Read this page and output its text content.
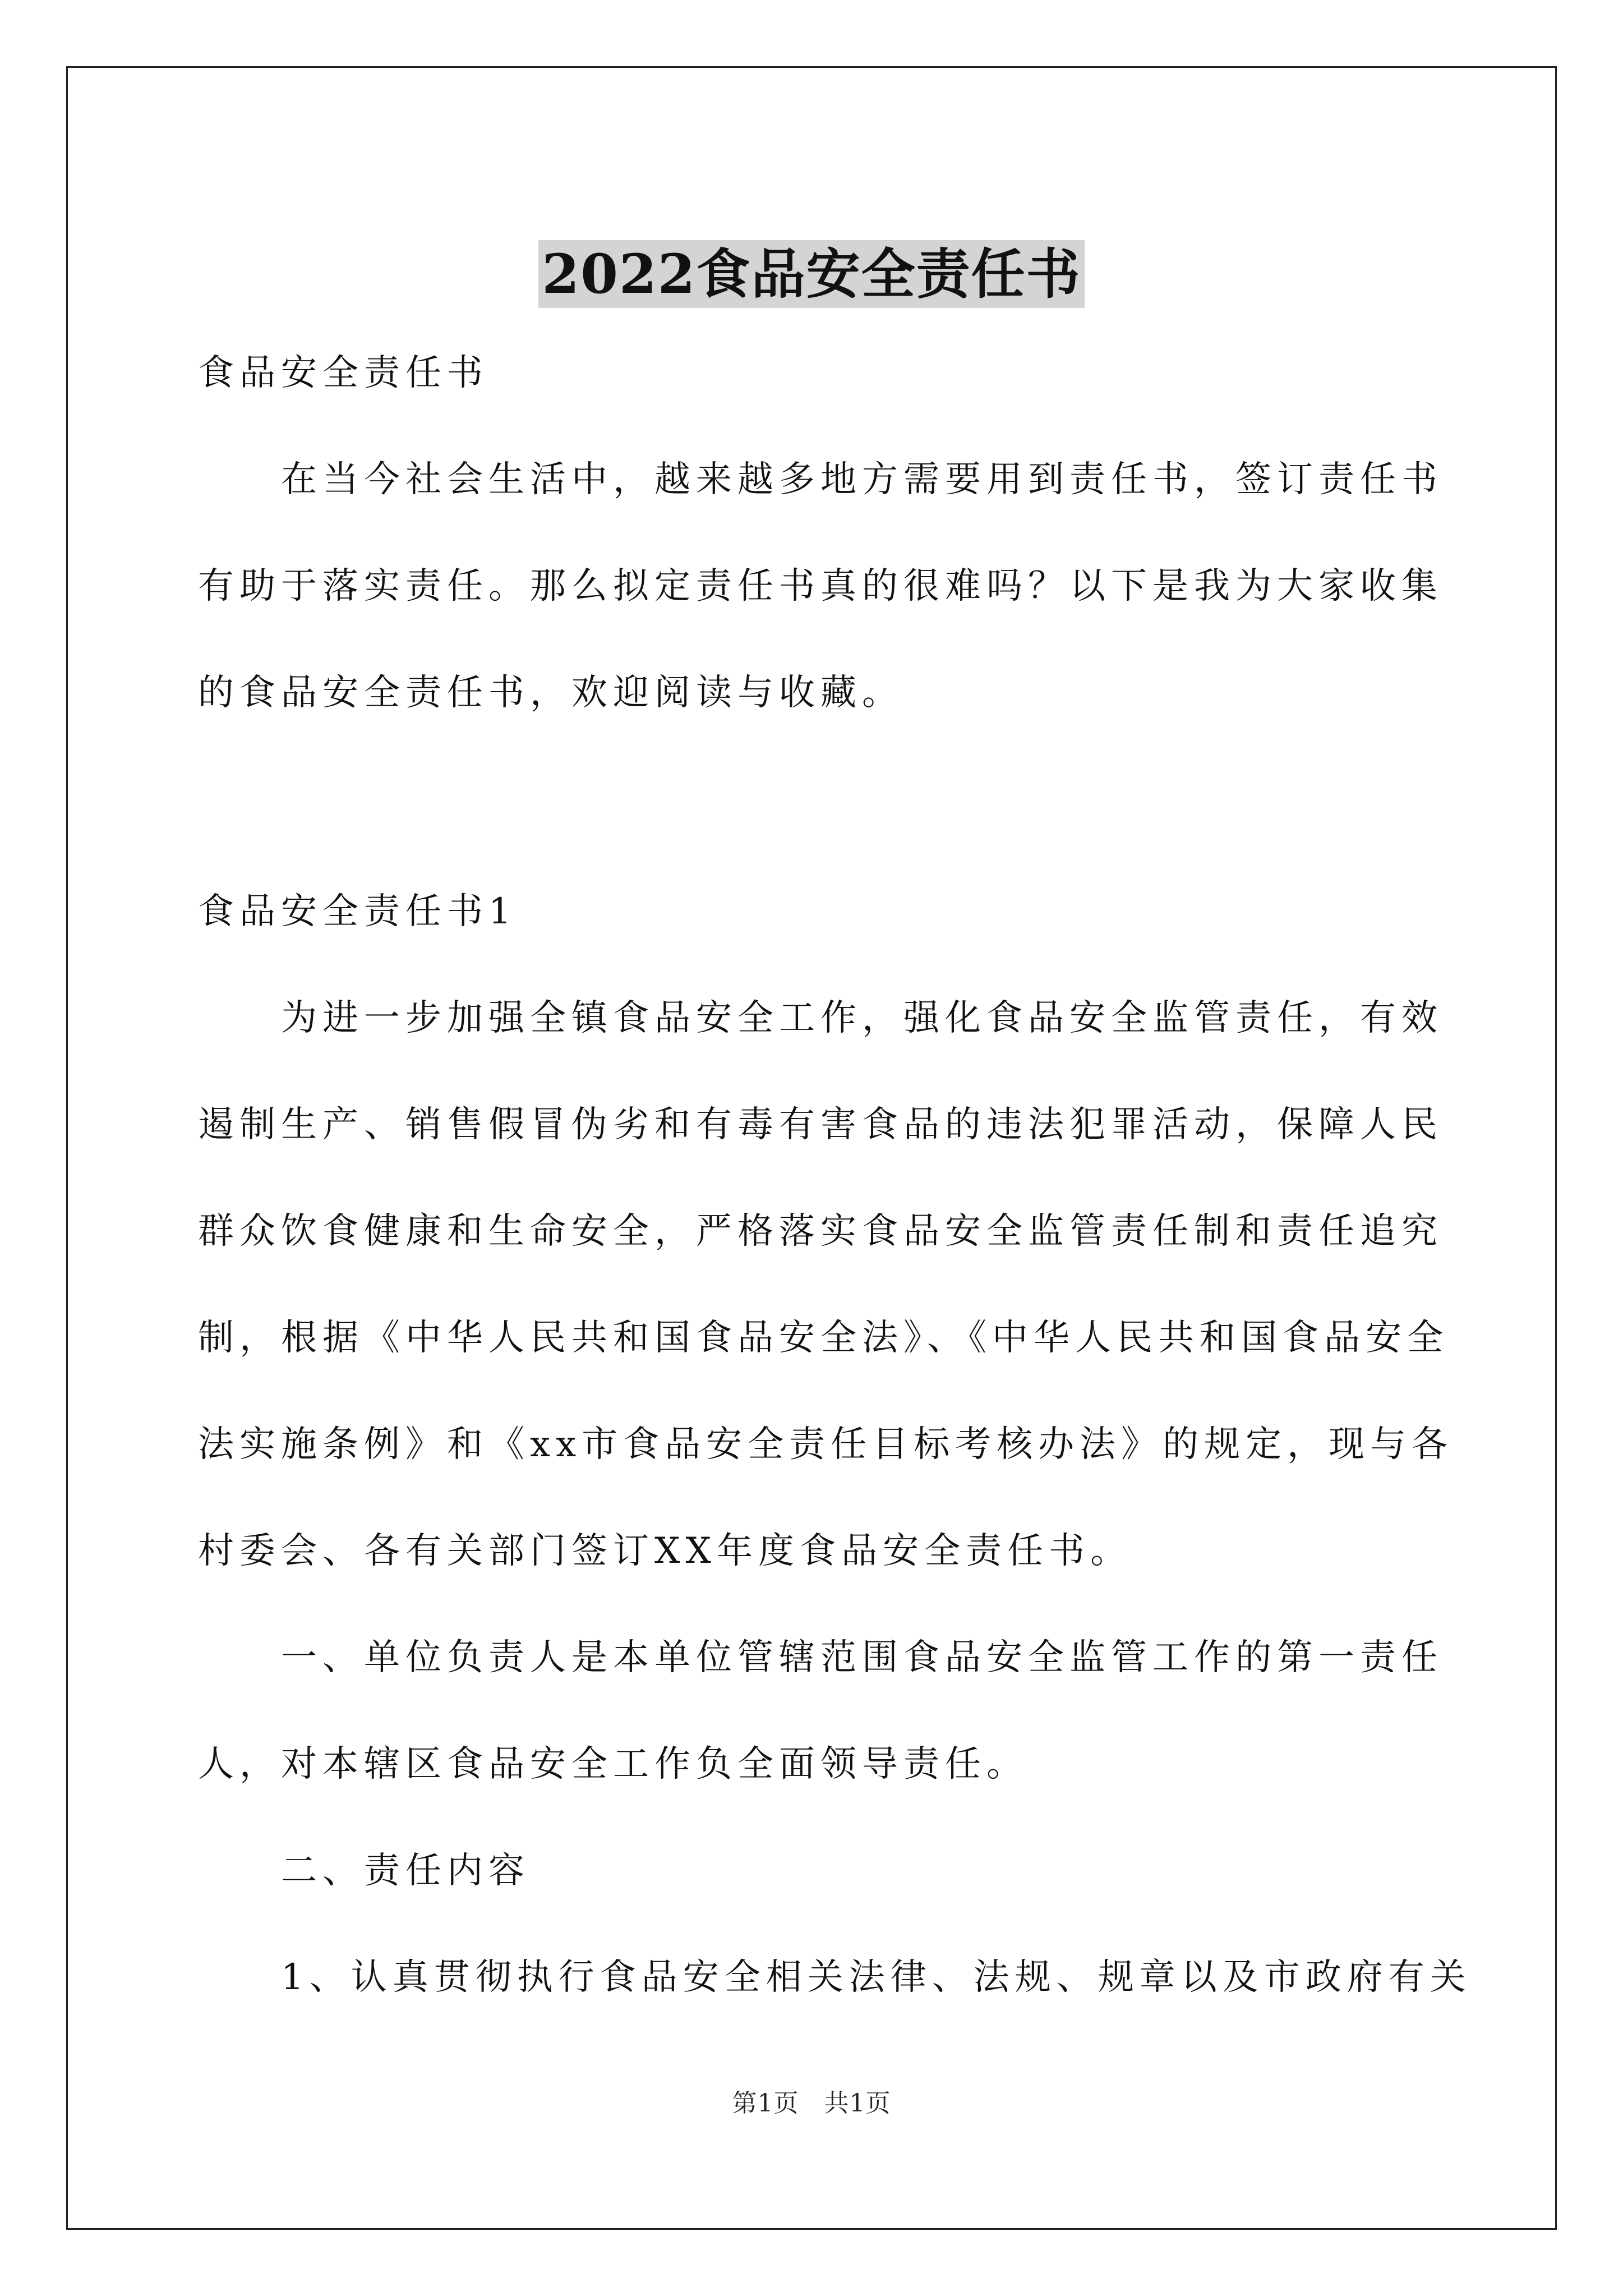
2022食品安全责任书

食品安全责任书

在当今社会生活中，越来越多地方需要用到责任书，签订责任书

有助于落实责任。那么拟定责任书真的很难吗？以下是我为大家收集

的食品安全责任书，欢迎阅读与收藏。

食品安全责任书1

为进一步加强全镇食品安全工作，强化食品安全监管责任，有效

遏制生产、销售假冒伪劣和有毒有害食品的违法犯罪活动，保障人民

群众饮食健康和生命安全，严格落实食品安全监管责任制和责任追究

制，根据《中华人民共和国食品安全法》、《中华人民共和国食品安全

法实施条例》和《xx市食品安全责任目标考核办法》的规定，现与各

村委会、各有关部门签订XX年度食品安全责任书。

一、单位负责人是本单位管辖范围食品安全监管工作的第一责任

人，对本辖区食品安全工作负全面领导责任。

二、责任内容

1、认真贯彻执行食品安全相关法律、法规、规章以及市政府有关

第1页　共1页
